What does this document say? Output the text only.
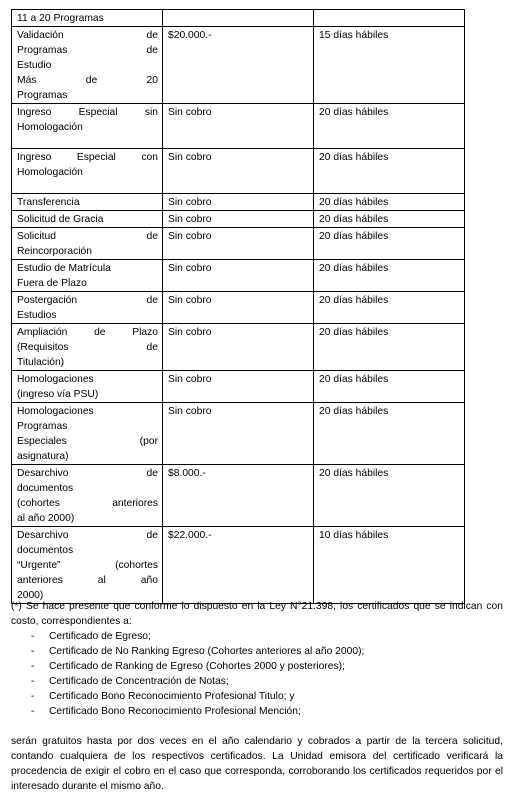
11 a 20 Programas		

Validación de
Programas de
Estudio
Más de 20
Programas	$20.000.-	15 días hábiles

Ingreso Especial sin
Homologación	Sin cobro	20 días hábiles

Ingreso Especial con
Homologación	Sin cobro	20 días hábiles

Transferencia	Sin cobro	20 días hábiles

Solicitud de Gracia	Sin cobro	20 días hábiles

Solicitud de
Reincorporación	Sin cobro	20 días hábiles

Estudio de Matrícula
Fuera de Plazo	Sin cobro	20 días hábiles

Postergación de
Estudios	Sin cobro	20 días hábiles

Ampliación de Plazo
(Requisitos de
Titulación)	Sin cobro	20 días hábiles

Homologaciones
(ingreso vía PSU)	Sin cobro	20 días hábiles

Homologaciones
Programas
Especiales (por
asignatura)	Sin cobro	20 días hábiles

Desarchivo de
documentos
(cohortes anteriores
al año 2000)	$8.000.-	20 días hábiles

Desarchivo de
documentos
“Urgente” (cohortes
anteriores al año
2000)	$22.000.-	10 días hábiles

(*) Se hace presente que conforme lo dispuesto en la Ley N°21.398, los certificados que se indican con costo, correspondientes a:

- Certificado de Egreso;
- Certificado de No Ranking Egreso (Cohortes anteriores al año 2000);
- Certificado de Ranking de Egreso (Cohortes 2000 y posteriores);
- Certificado de Concentración de Notas;
- Certificado Bono Reconocimiento Profesional Titulo; y
- Certificado Bono Reconocimiento Profesional Mención;

serán gratuitos hasta por dos veces en el año calendario y cobrados a partir de la tercera solicitud, contando cualquiera de los respectivos certificados. La Unidad emisora del certificado verificará la procedencia de exigir el cobro en el caso que corresponda, corroborando los certificados requeridos por el interesado durante el mismo año.
